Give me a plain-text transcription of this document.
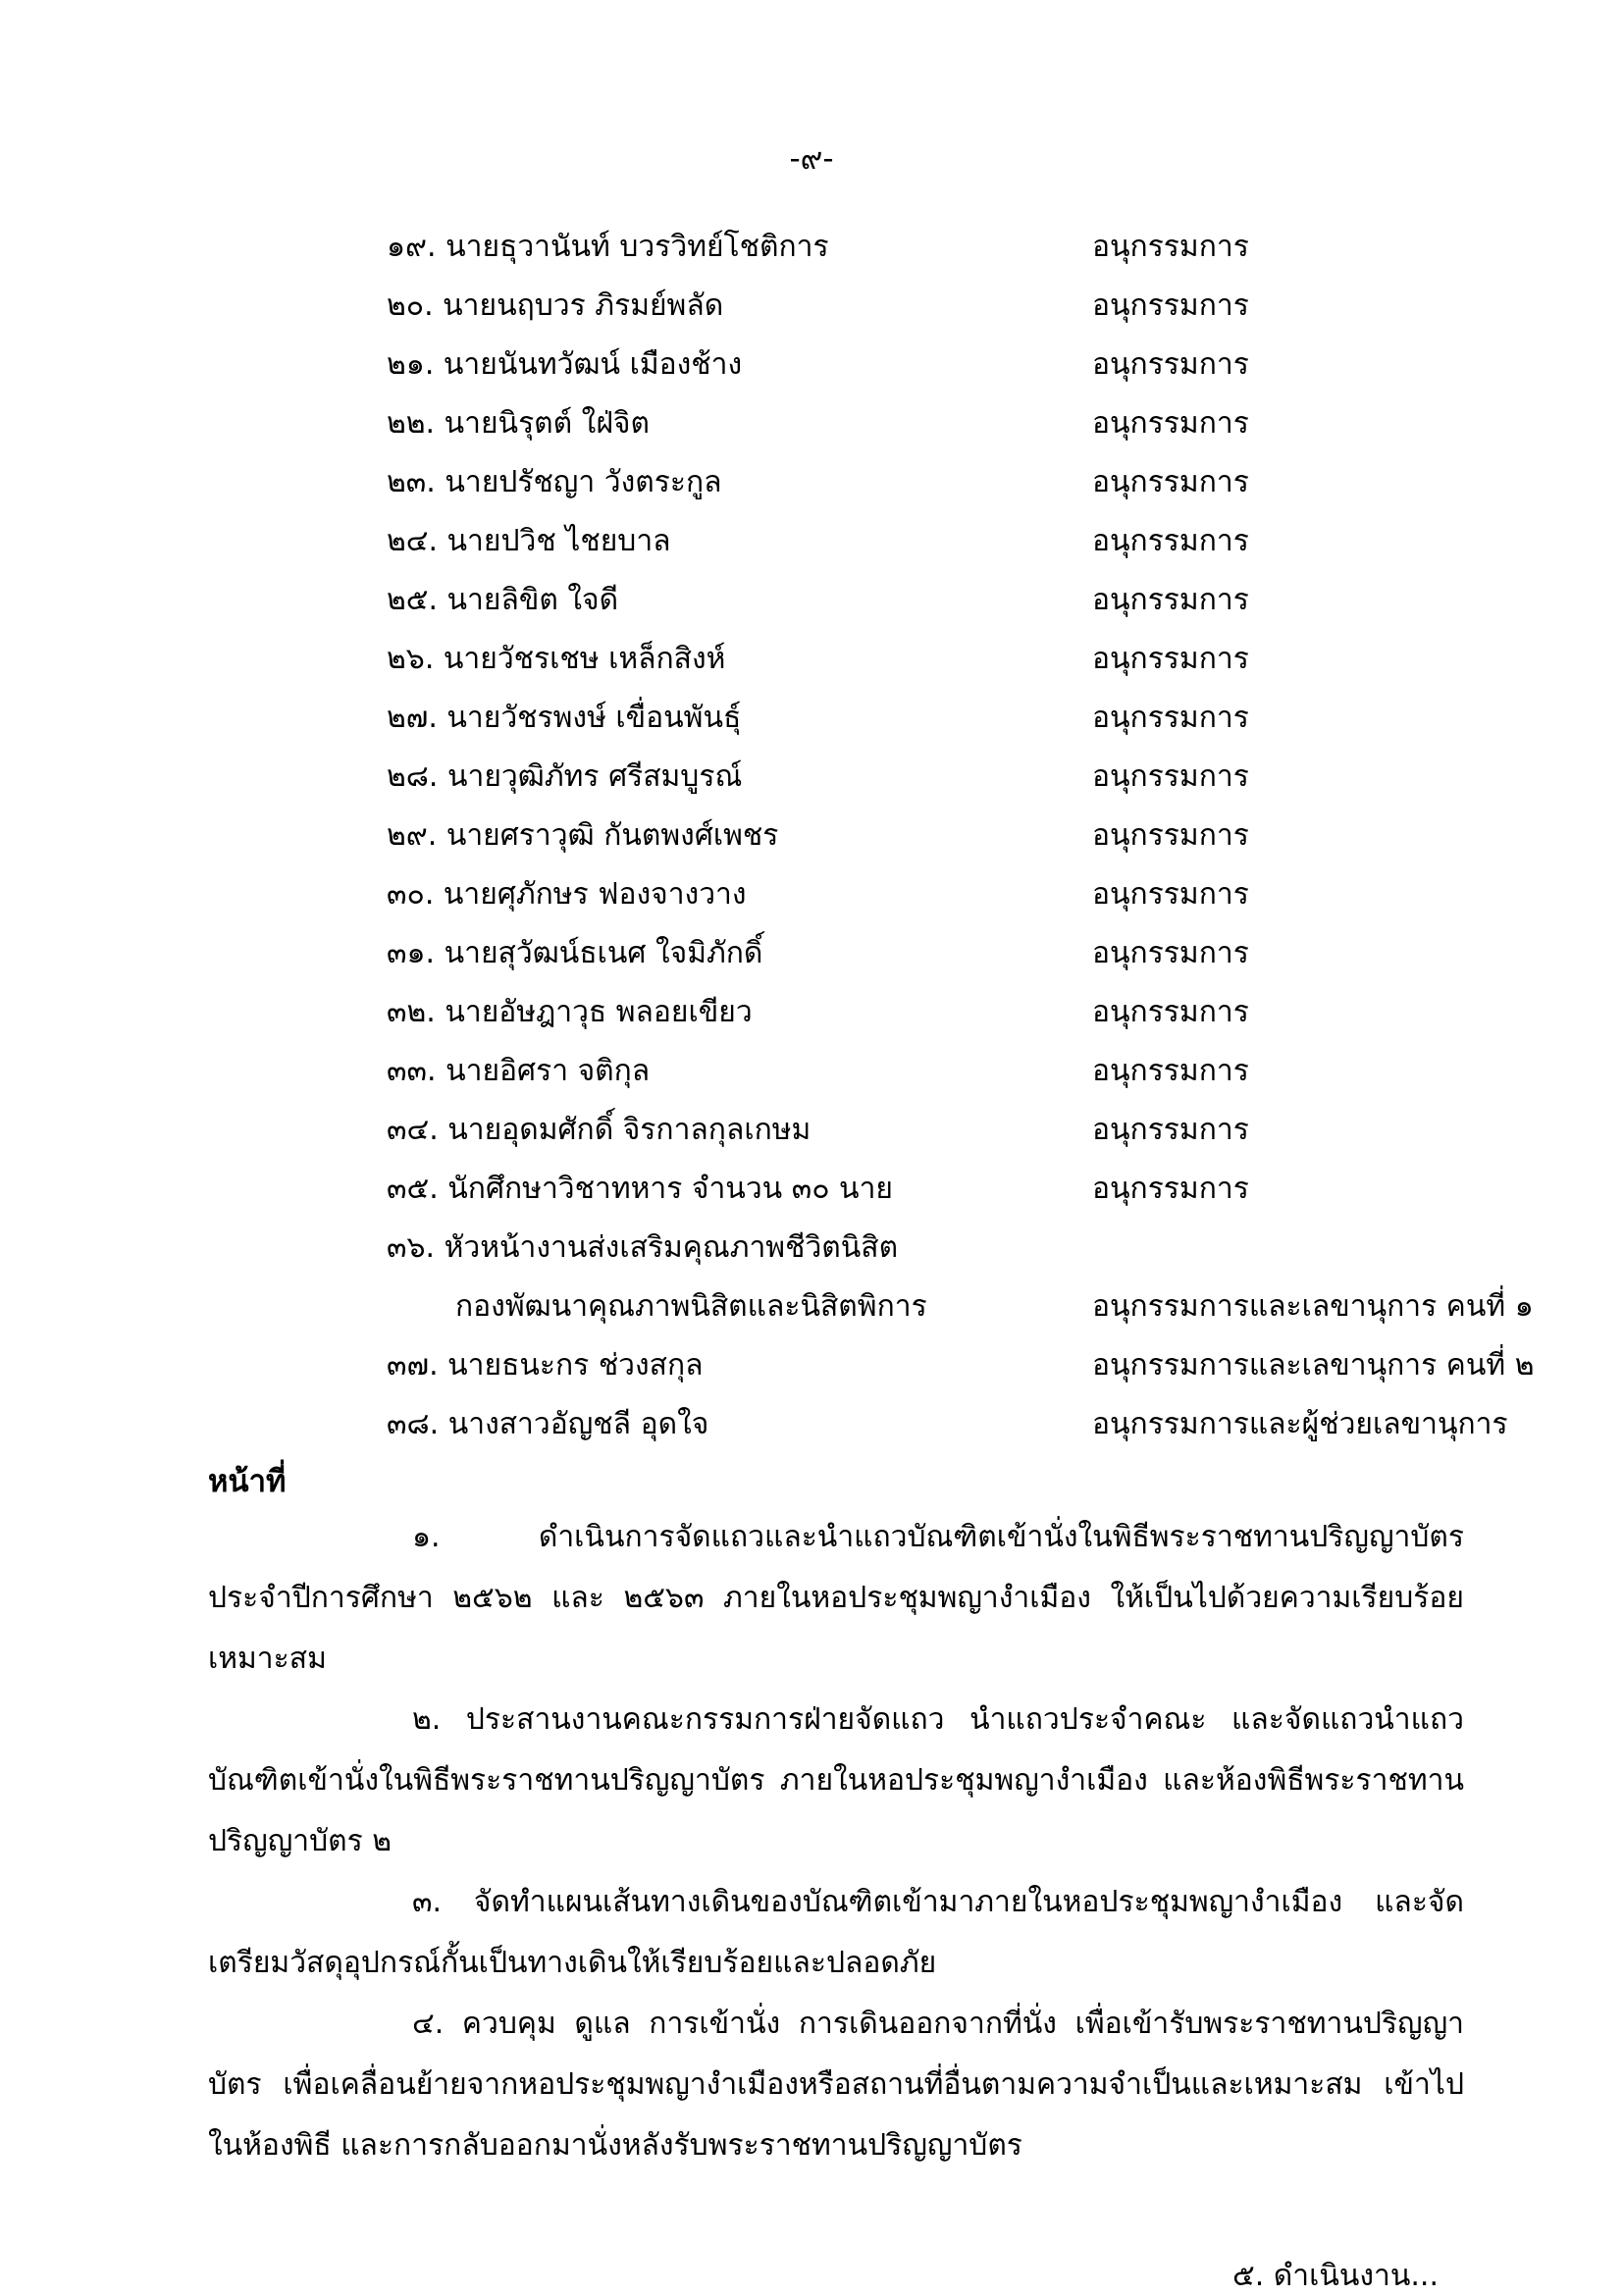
-๙-
๑๙. นายธุวานันท์ บวรวิทย์โชติการ	อนุกรรมการ
๒๐. นายนฤบวร ภิรมย์พลัด	อนุกรรมการ
๒๑. นายนันทวัฒน์ เมืองช้าง	อนุกรรมการ
๒๒. นายนิรุตต์ ใฝ่จิต	อนุกรรมการ
๒๓. นายปรัชญา วังตระกูล	อนุกรรมการ
๒๔. นายปวิช ไชยบาล	อนุกรรมการ
๒๕. นายลิขิต ใจดี	อนุกรรมการ
๒๖. นายวัชรเชษ เหล็กสิงห์	อนุกรรมการ
๒๗. นายวัชรพงษ์ เขื่อนพันธุ์	อนุกรรมการ
๒๘. นายวุฒิภัทร ศรีสมบูรณ์	อนุกรรมการ
๒๙. นายศราวุฒิ กันตพงศ์เพชร	อนุกรรมการ
๓๐. นายศุภักษร ฟองจางวาง	อนุกรรมการ
๓๑. นายสุวัฒน์ธเนศ ใจมิภักดิ์	อนุกรรมการ
๓๒. นายอัษฎาวุธ พลอยเขียว	อนุกรรมการ
๓๓. นายอิศรา จติกุล	อนุกรรมการ
๓๔. นายอุดมศักดิ์ จิรกาลกุลเกษม	อนุกรรมการ
๓๕. นักศึกษาวิชาทหาร จำนวน ๓๐ นาย	อนุกรรมการ
๓๖. หัวหน้างานส่งเสริมคุณภาพชีวิตนิสิต
กองพัฒนาคุณภาพนิสิตและนิสิตพิการ	อนุกรรมการและเลขานุการ คนที่ ๑
๓๗. นายธนะกร ช่วงสกุล	อนุกรรมการและเลขานุการ คนที่ ๒
๓๘. นางสาวอัญชลี อุดใจ	อนุกรรมการและผู้ช่วยเลขานุการ
หน้าที่

๑. ดำเนินการจัดแถวและนำแถวบัณฑิตเข้านั่งในพิธีพระราชทานปริญญาบัตร ประจำปีการศึกษา ๒๕๖๒ และ ๒๕๖๓ ภายในหอประชุมพญางำเมือง ให้เป็นไปด้วยความเรียบร้อย เหมาะสม

๒. ประสานงานคณะกรรมการฝ่ายจัดแถว นำแถวประจำคณะ และจัดแถวนำแถวบัณฑิตเข้านั่งในพิธีพระราชทานปริญญาบัตร ภายในหอประชุมพญางำเมือง และห้องพิธีพระราชทานปริญญาบัตร ๒

๓. จัดทำแผนเส้นทางเดินของบัณฑิตเข้ามาภายในหอประชุมพญางำเมือง และจัดเตรียมวัสดุอุปกรณ์กั้นเป็นทางเดินให้เรียบร้อยและปลอดภัย

๔. ควบคุม ดูแล การเข้านั่ง การเดินออกจากที่นั่ง เพื่อเข้ารับพระราชทานปริญญาบัตร เพื่อเคลื่อนย้ายจากหอประชุมพญางำเมืองหรือสถานที่อื่นตามความจำเป็นและเหมาะสม เข้าไปในห้องพิธี และการกลับออกมานั่งหลังรับพระราชทานปริญญาบัตร

๕. ดำเนินงาน...
